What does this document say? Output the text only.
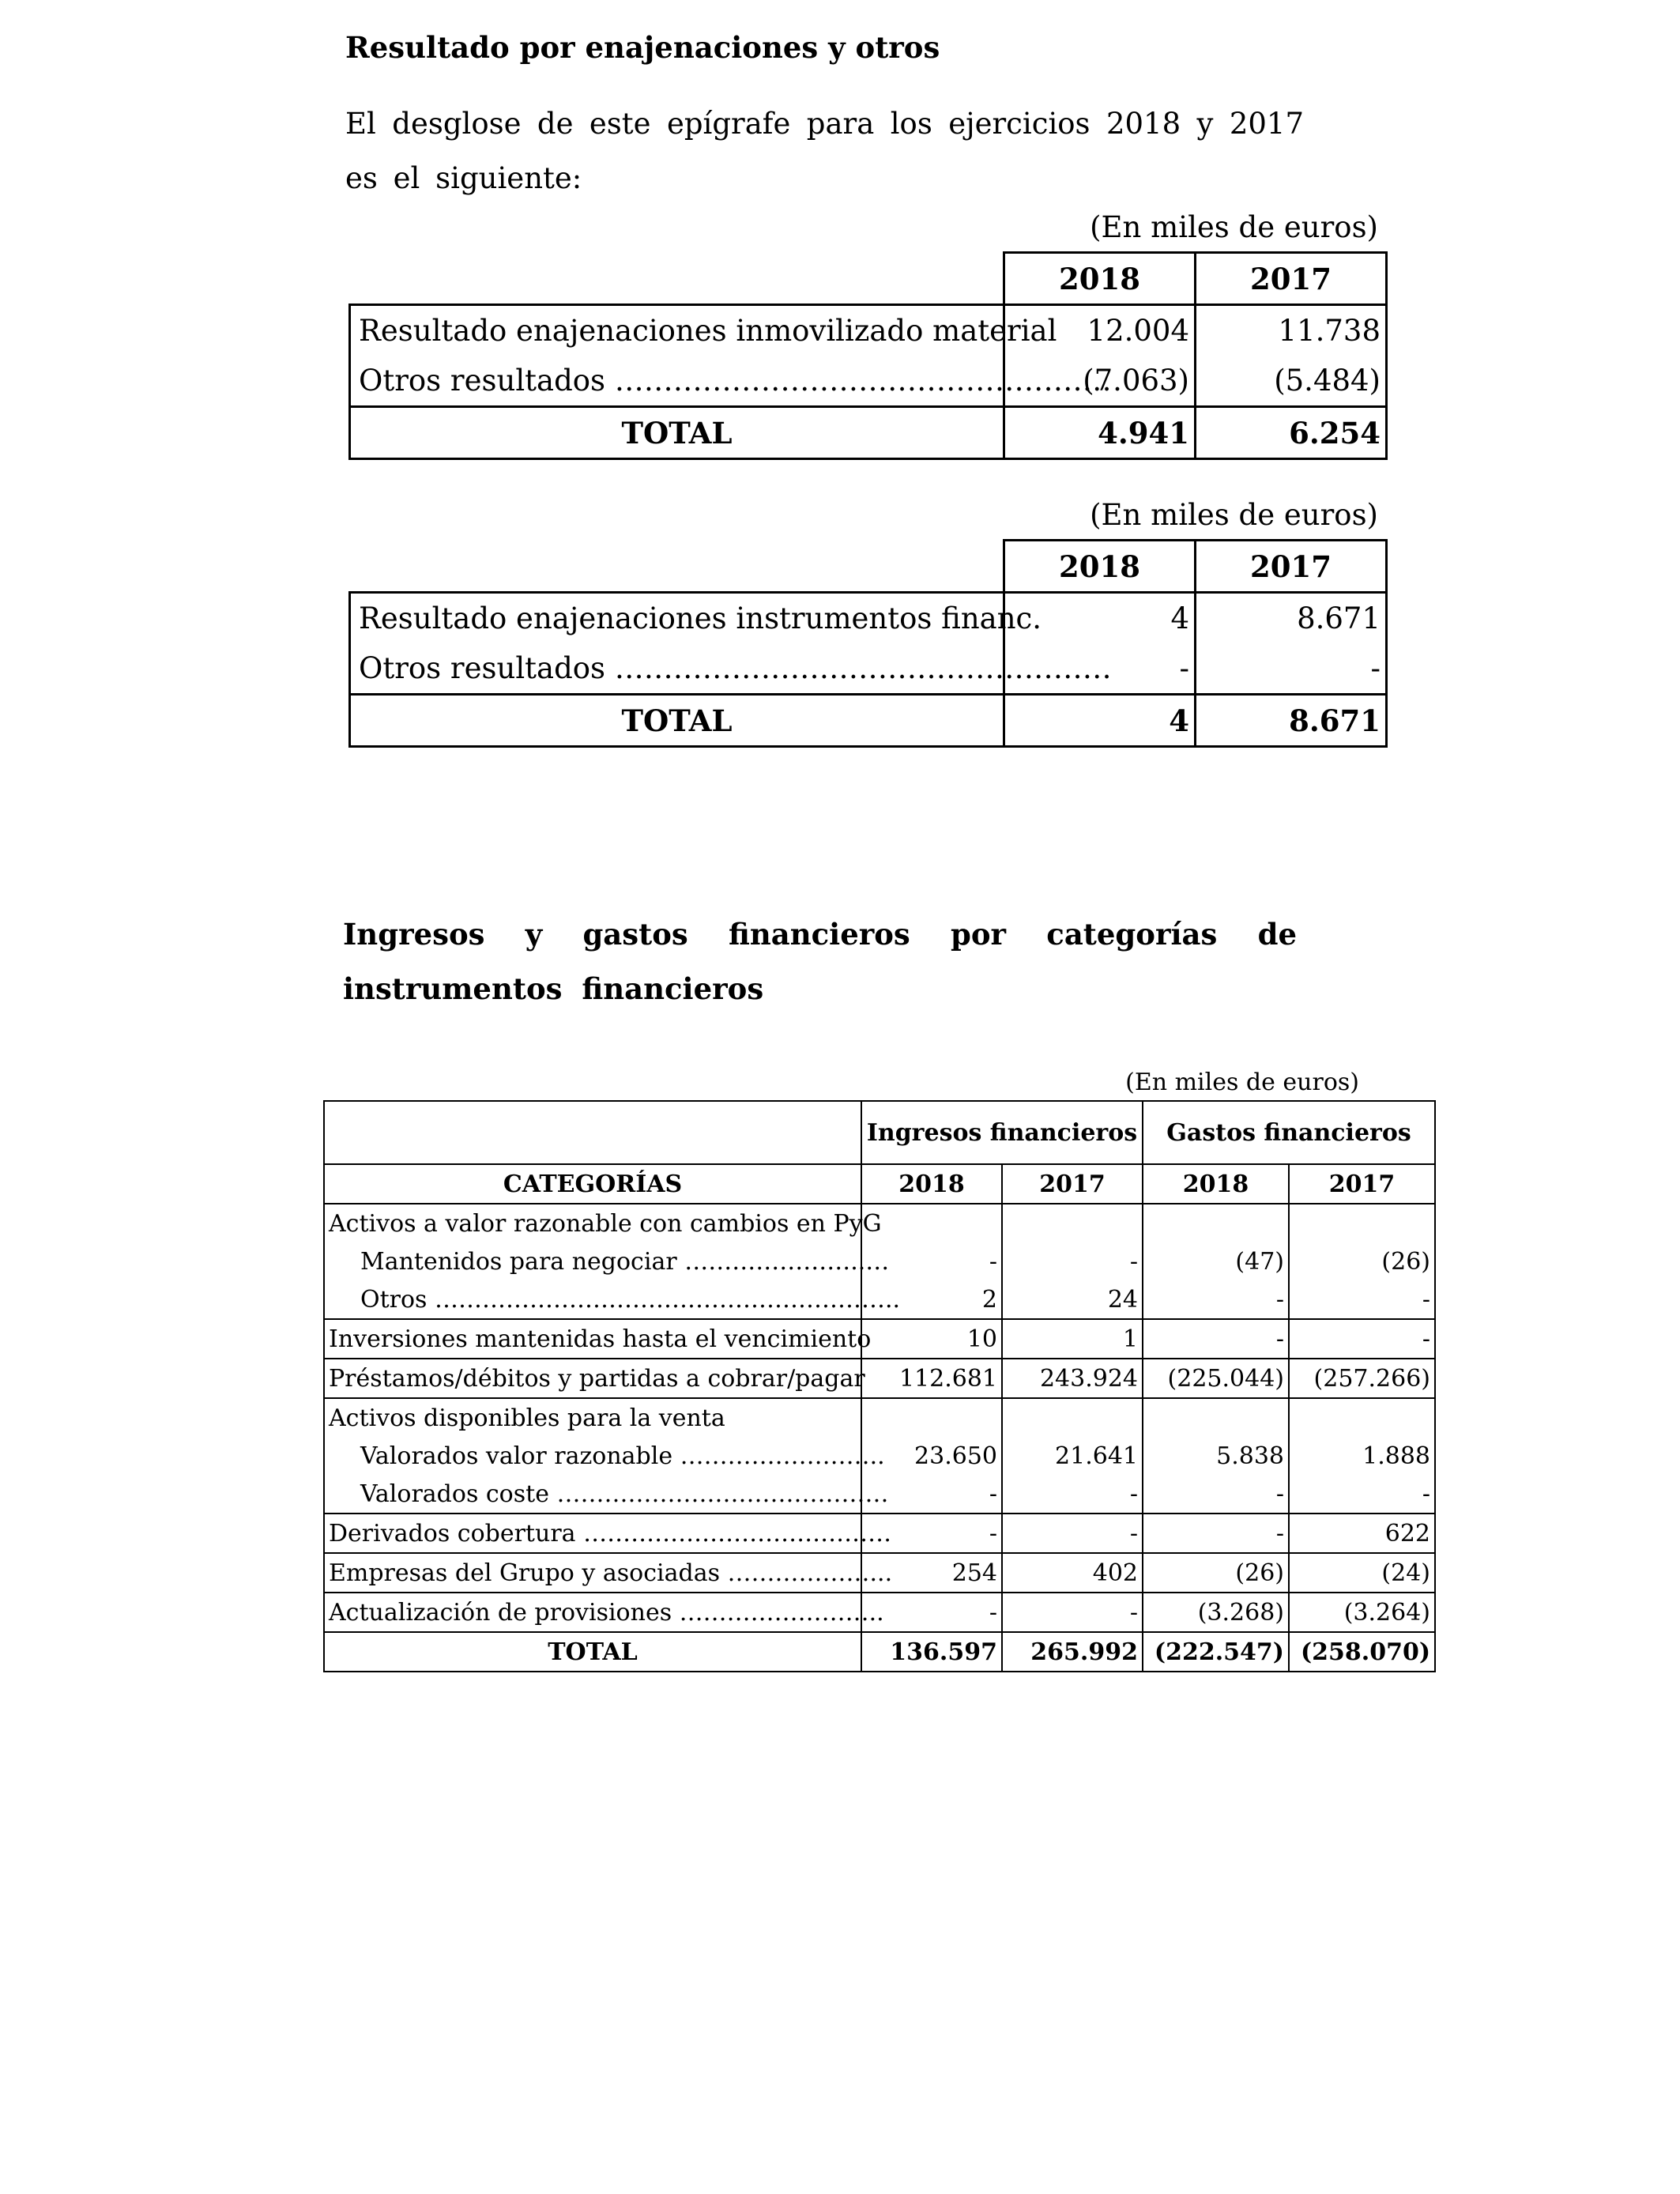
Resultado por enajenaciones y otros
El desglose de este epígrafe para los ejercicios 2018 y 2017 es el siguiente:
(En miles de euros)
	2018	2017
Resultado enajenaciones inmovilizado material	12.004	11.738
Otros resultados ……………………………………………	(7.063)	(5.484)
TOTAL	4.941	6.254
(En miles de euros)
	2018	2017
Resultado enajenaciones instrumentos financ.	4	8.671
Otros resultados ……………………………………………	-	-
TOTAL	4	8.671
Ingresos y gastos financieros por categorías de instrumentos financieros
(En miles de euros)
	Ingresos financieros		Gastos financieros	
CATEGORÍAS	2018	2017	2018	2017
Activos a valor razonable con cambios en PyG				
Mantenidos para negociar …………………..…	-	-	(47)	(26)
Otros …………………………………………………..	2	24	-	-
Inversiones mantenidas hasta el vencimiento	10	1	-	-
Préstamos/débitos y partidas a cobrar/pagar	112.681	243.924	(225.044)	(257.266)
Activos disponibles para la venta				
Valorados valor razonable ……………………..	23.650	21.641	5.838	1.888
Valorados coste ……………………………………	-	-	-	-
Derivados cobertura …………………………………	-	-	-	622
Empresas del Grupo y asociadas ………………...	254	402	(26)	(24)
Actualización de provisiones ……………………..	-	-	(3.268)	(3.264)
TOTAL	136.597	265.992	(222.547)	(258.070)
